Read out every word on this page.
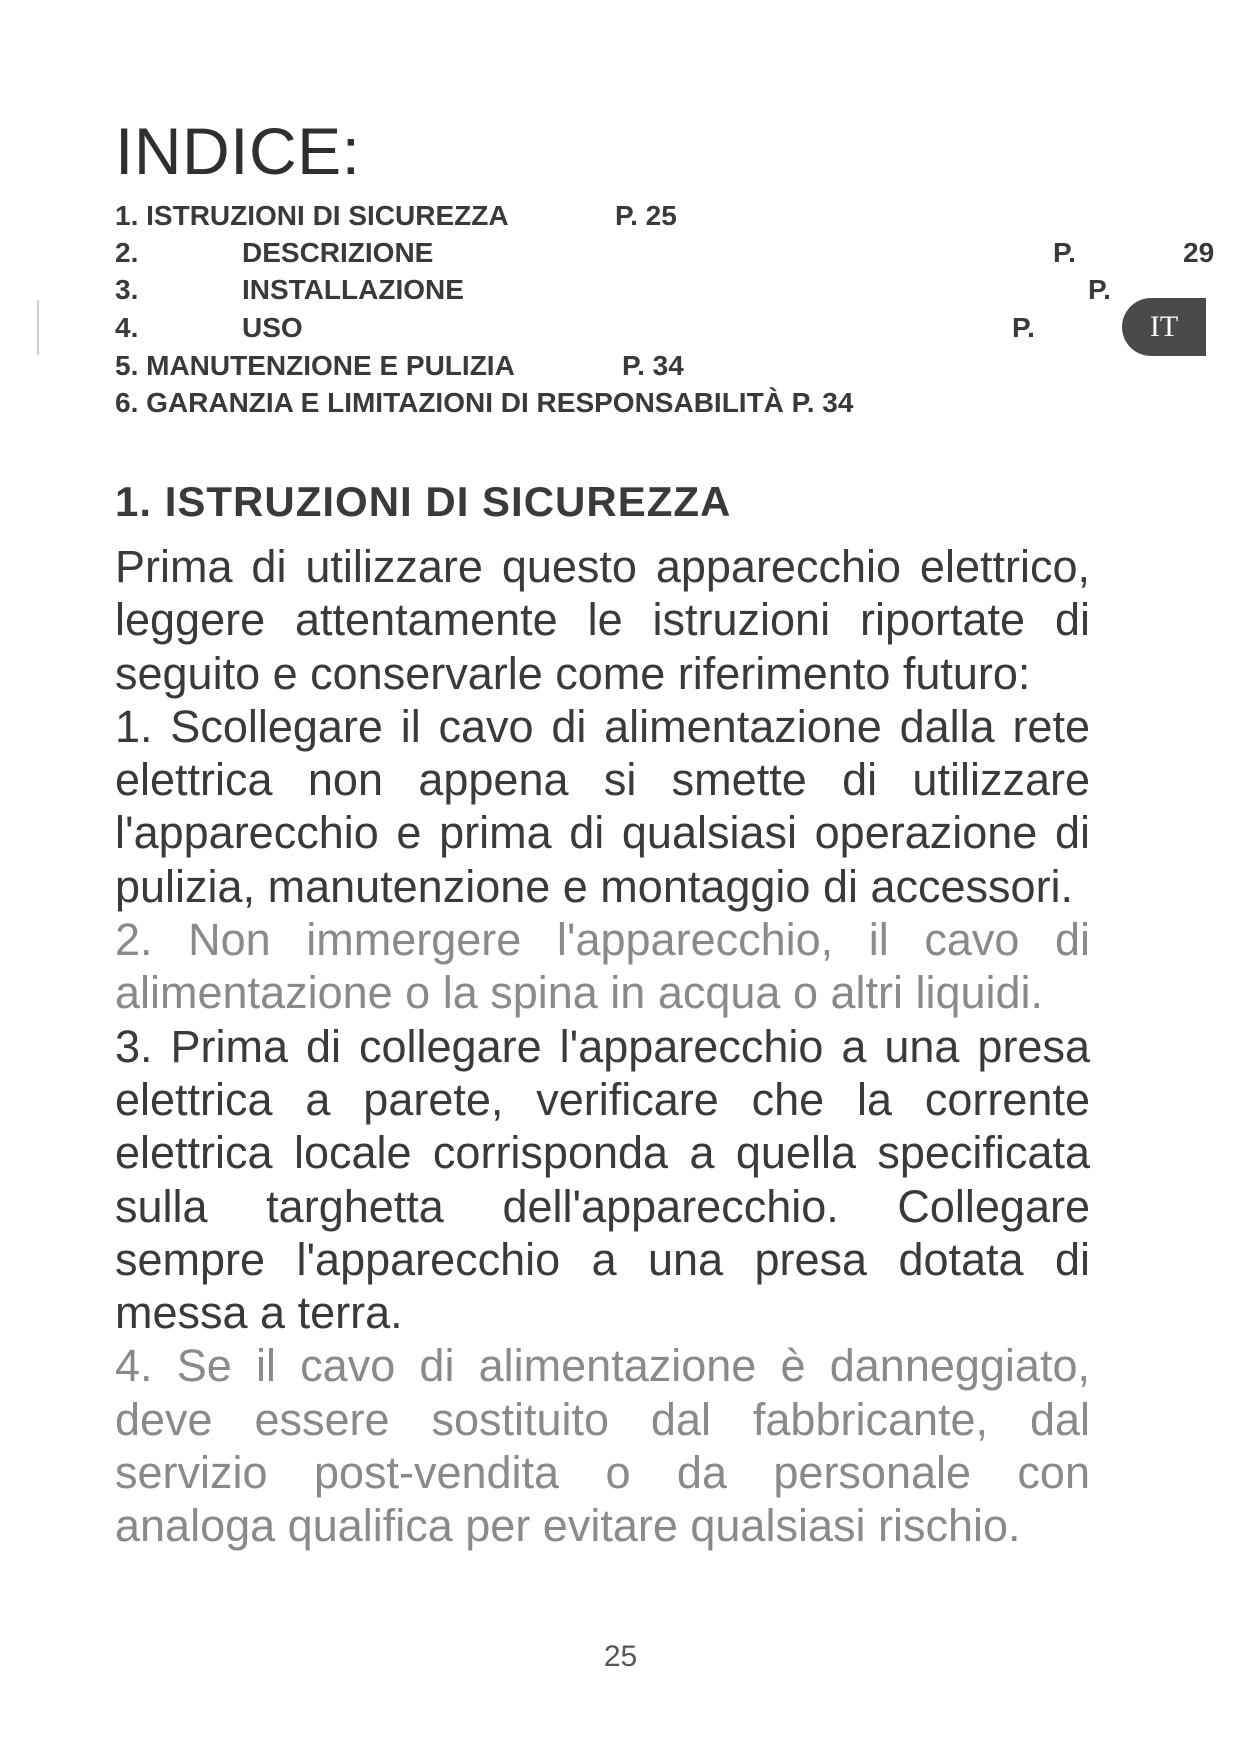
INDICE:
1. ISTRUZIONI DI SICUREZZA	P. 25
2.	DESCRIZIONE	P.	29
3.	INSTALLAZIONE	P.
4.	USO	P.
5. MANUTENZIONE E PULIZIA	P. 34
6. GARANZIA E LIMITAZIONI DI RESPONSABILITÀ P. 34
IT
1. ISTRUZIONI DI SICUREZZA

Prima di utilizzare questo apparecchio elettrico, leggere attentamente le istruzioni riportate di seguito e conservarle come riferimento futuro:

1. Scollegare il cavo di alimentazione dalla rete elettrica non appena si smette di utilizzare l'apparecchio e prima di qualsiasi operazione di pulizia, manutenzione e montaggio di accessori.

2. Non immergere l'apparecchio, il cavo di alimentazione o la spina in acqua o altri liquidi.

3. Prima di collegare l'apparecchio a una presa elettrica a parete, verificare che la corrente elettrica locale corrisponda a quella specificata sulla targhetta dell'apparecchio. Collegare sempre l'apparecchio a una presa dotata di messa a terra.

4. Se il cavo di alimentazione è danneggiato, deve essere sostituito dal fabbricante, dal servizio post-vendita o da personale con analoga qualifica per evitare qualsiasi rischio.

25
